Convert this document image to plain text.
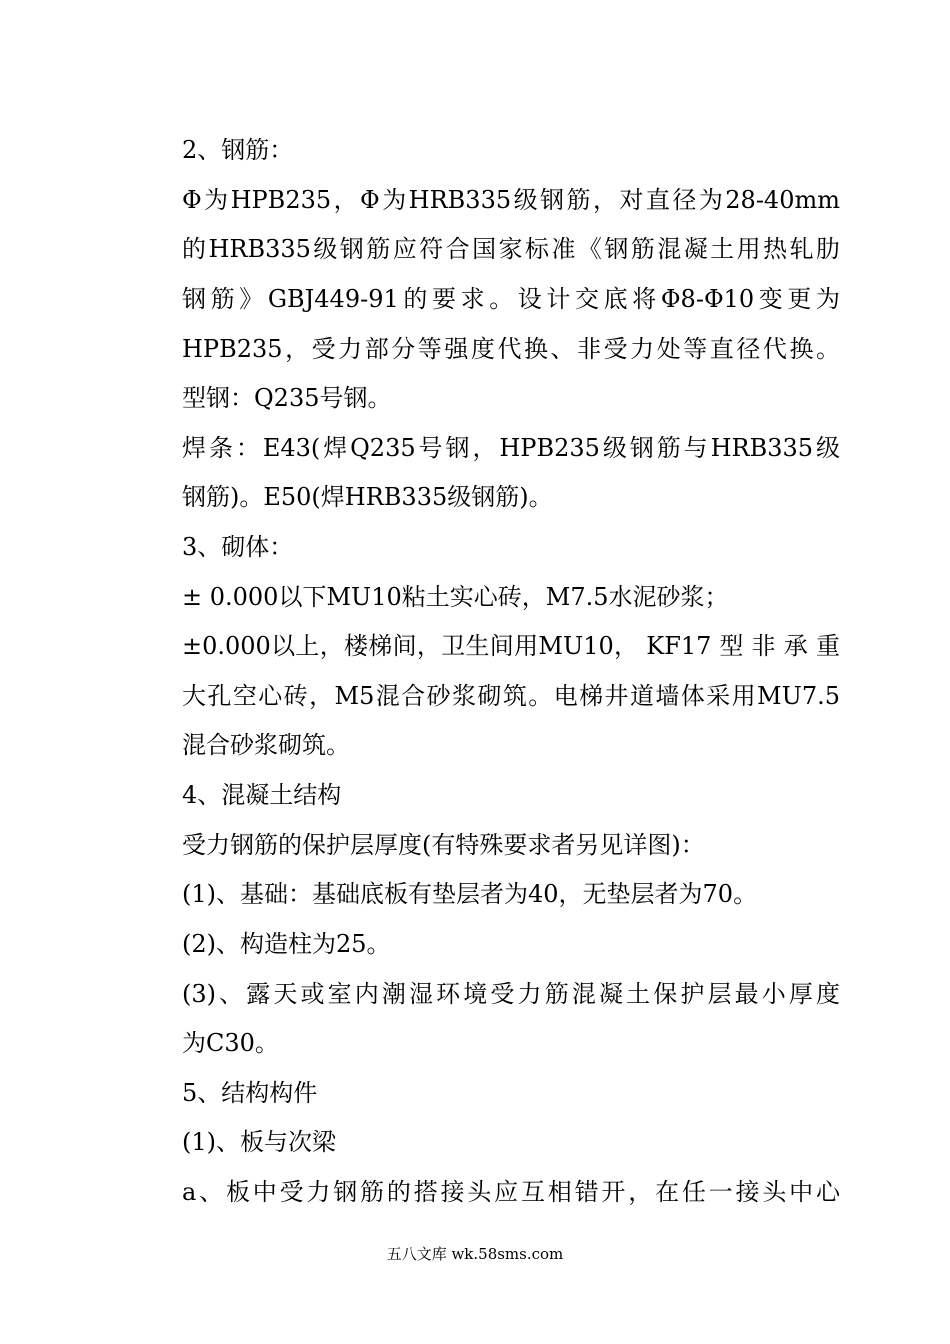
2、钢筋：
Φ为HPB235，Φ为HRB335级钢筋，对直径为28-40mm
的HRB335级钢筋应符合国家标准《钢筋混凝土用热轧肋
钢筋》GBJ449-91的要求。设计交底将Φ8-Φ10变更为
HPB235，受力部分等强度代换、非受力处等直径代换。
型钢：Q235号钢。
焊条：E43(焊Q235号钢，HPB235级钢筋与HRB335级
钢筋)。E50(焊HRB335级钢筋)。
3、砌体：
± 0.000以下MU10粘土实心砖，M7.5水泥砂浆；
±0.000以上，楼梯间，卫生间用MU10， KF17 型 非 承 重
大孔空心砖，M5混合砂浆砌筑。电梯井道墙体采用MU7.5
混合砂浆砌筑。
4、混凝土结构
受力钢筋的保护层厚度(有特殊要求者另见详图)：
(1)、基础：基础底板有垫层者为40，无垫层者为70。
(2)、构造柱为25。
(3)、露天或室内潮湿环境受力筋混凝土保护层最小厚度
为C30。
5、结构构件
(1)、板与次梁
a、板中受力钢筋的搭接头应互相错开，在任一接头中心
五八文库 wk.58sms.com
